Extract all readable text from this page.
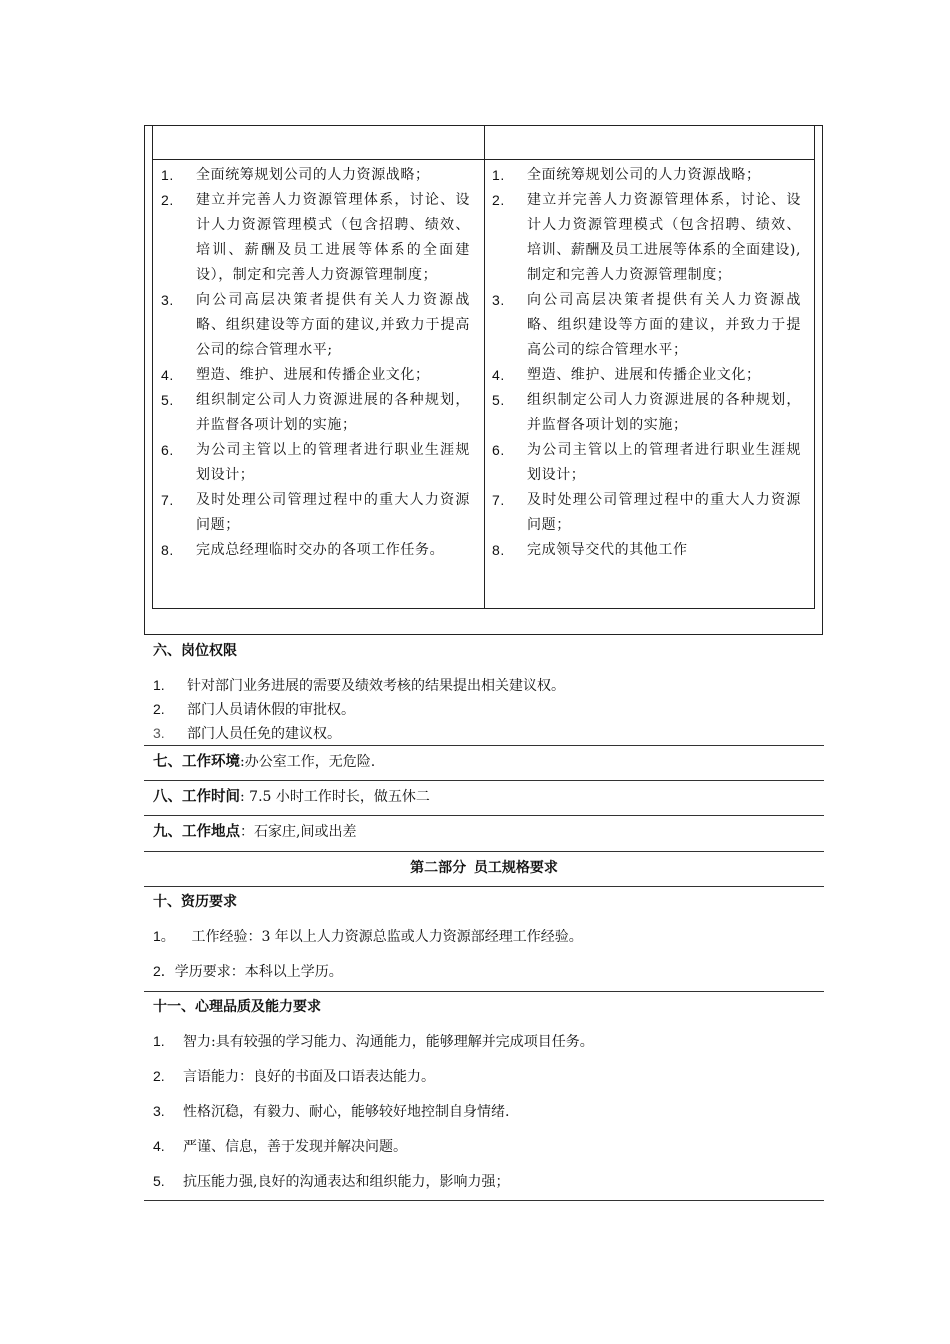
1. 全面统筹规划公司的人力资源战略；
2. 建立并完善人力资源管理体系，讨论、设计人力资源管理模式（包含招聘、绩效、培训、薪酬及员工进展等体系的全面建设），制定和完善人力资源管理制度；
3. 向公司高层决策者提供有关人力资源战略、组织建设等方面的建议,并致力于提高公司的综合管理水平;
4. 塑造、维护、进展和传播企业文化；
5. 组织制定公司人力资源进展的各种规划，并监督各项计划的实施；
6. 为公司主管以上的管理者进行职业生涯规划设计；
7. 及时处理公司管理过程中的重大人力资源问题；
8. 完成总经理临时交办的各项工作任务。
1. 全面统筹规划公司的人力资源战略；
2. 建立并完善人力资源管理体系，讨论、设计人力资源管理模式（包含招聘、绩效、培训、薪酬及员工进展等体系的全面建设),制定和完善人力资源管理制度；
3. 向公司高层决策者提供有关人力资源战略、组织建设等方面的建议，并致力于提高公司的综合管理水平；
4. 塑造、维护、进展和传播企业文化；
5. 组织制定公司人力资源进展的各种规划，并监督各项计划的实施；
6. 为公司主管以上的管理者进行职业生涯规划设计；
7. 及时处理公司管理过程中的重大人力资源问题；
8. 完成领导交代的其他工作
六、岗位权限
1. 针对部门业务进展的需要及绩效考核的结果提出相关建议权。
2. 部门人员请休假的审批权。
3. 部门人员任免的建议权。
七、工作环境:办公室工作，无危险.
八、工作时间: 7.5 小时工作时长，做五休二
九、工作地点：石家庄,间或出差
第二部分  员工规格要求
十、资历要求
1。 工作经验：3 年以上人力资源总监或人力资源部经理工作经验。
2．学历要求：本科以上学历。
十一、心理品质及能力要求
1. 智力:具有较强的学习能力、沟通能力，能够理解并完成项目任务。
2. 言语能力：良好的书面及口语表达能力。
3. 性格沉稳，有毅力、耐心，能够较好地控制自身情绪.
4. 严谨、信息，善于发现并解决问题。
5. 抗压能力强,良好的沟通表达和组织能力，影响力强；
